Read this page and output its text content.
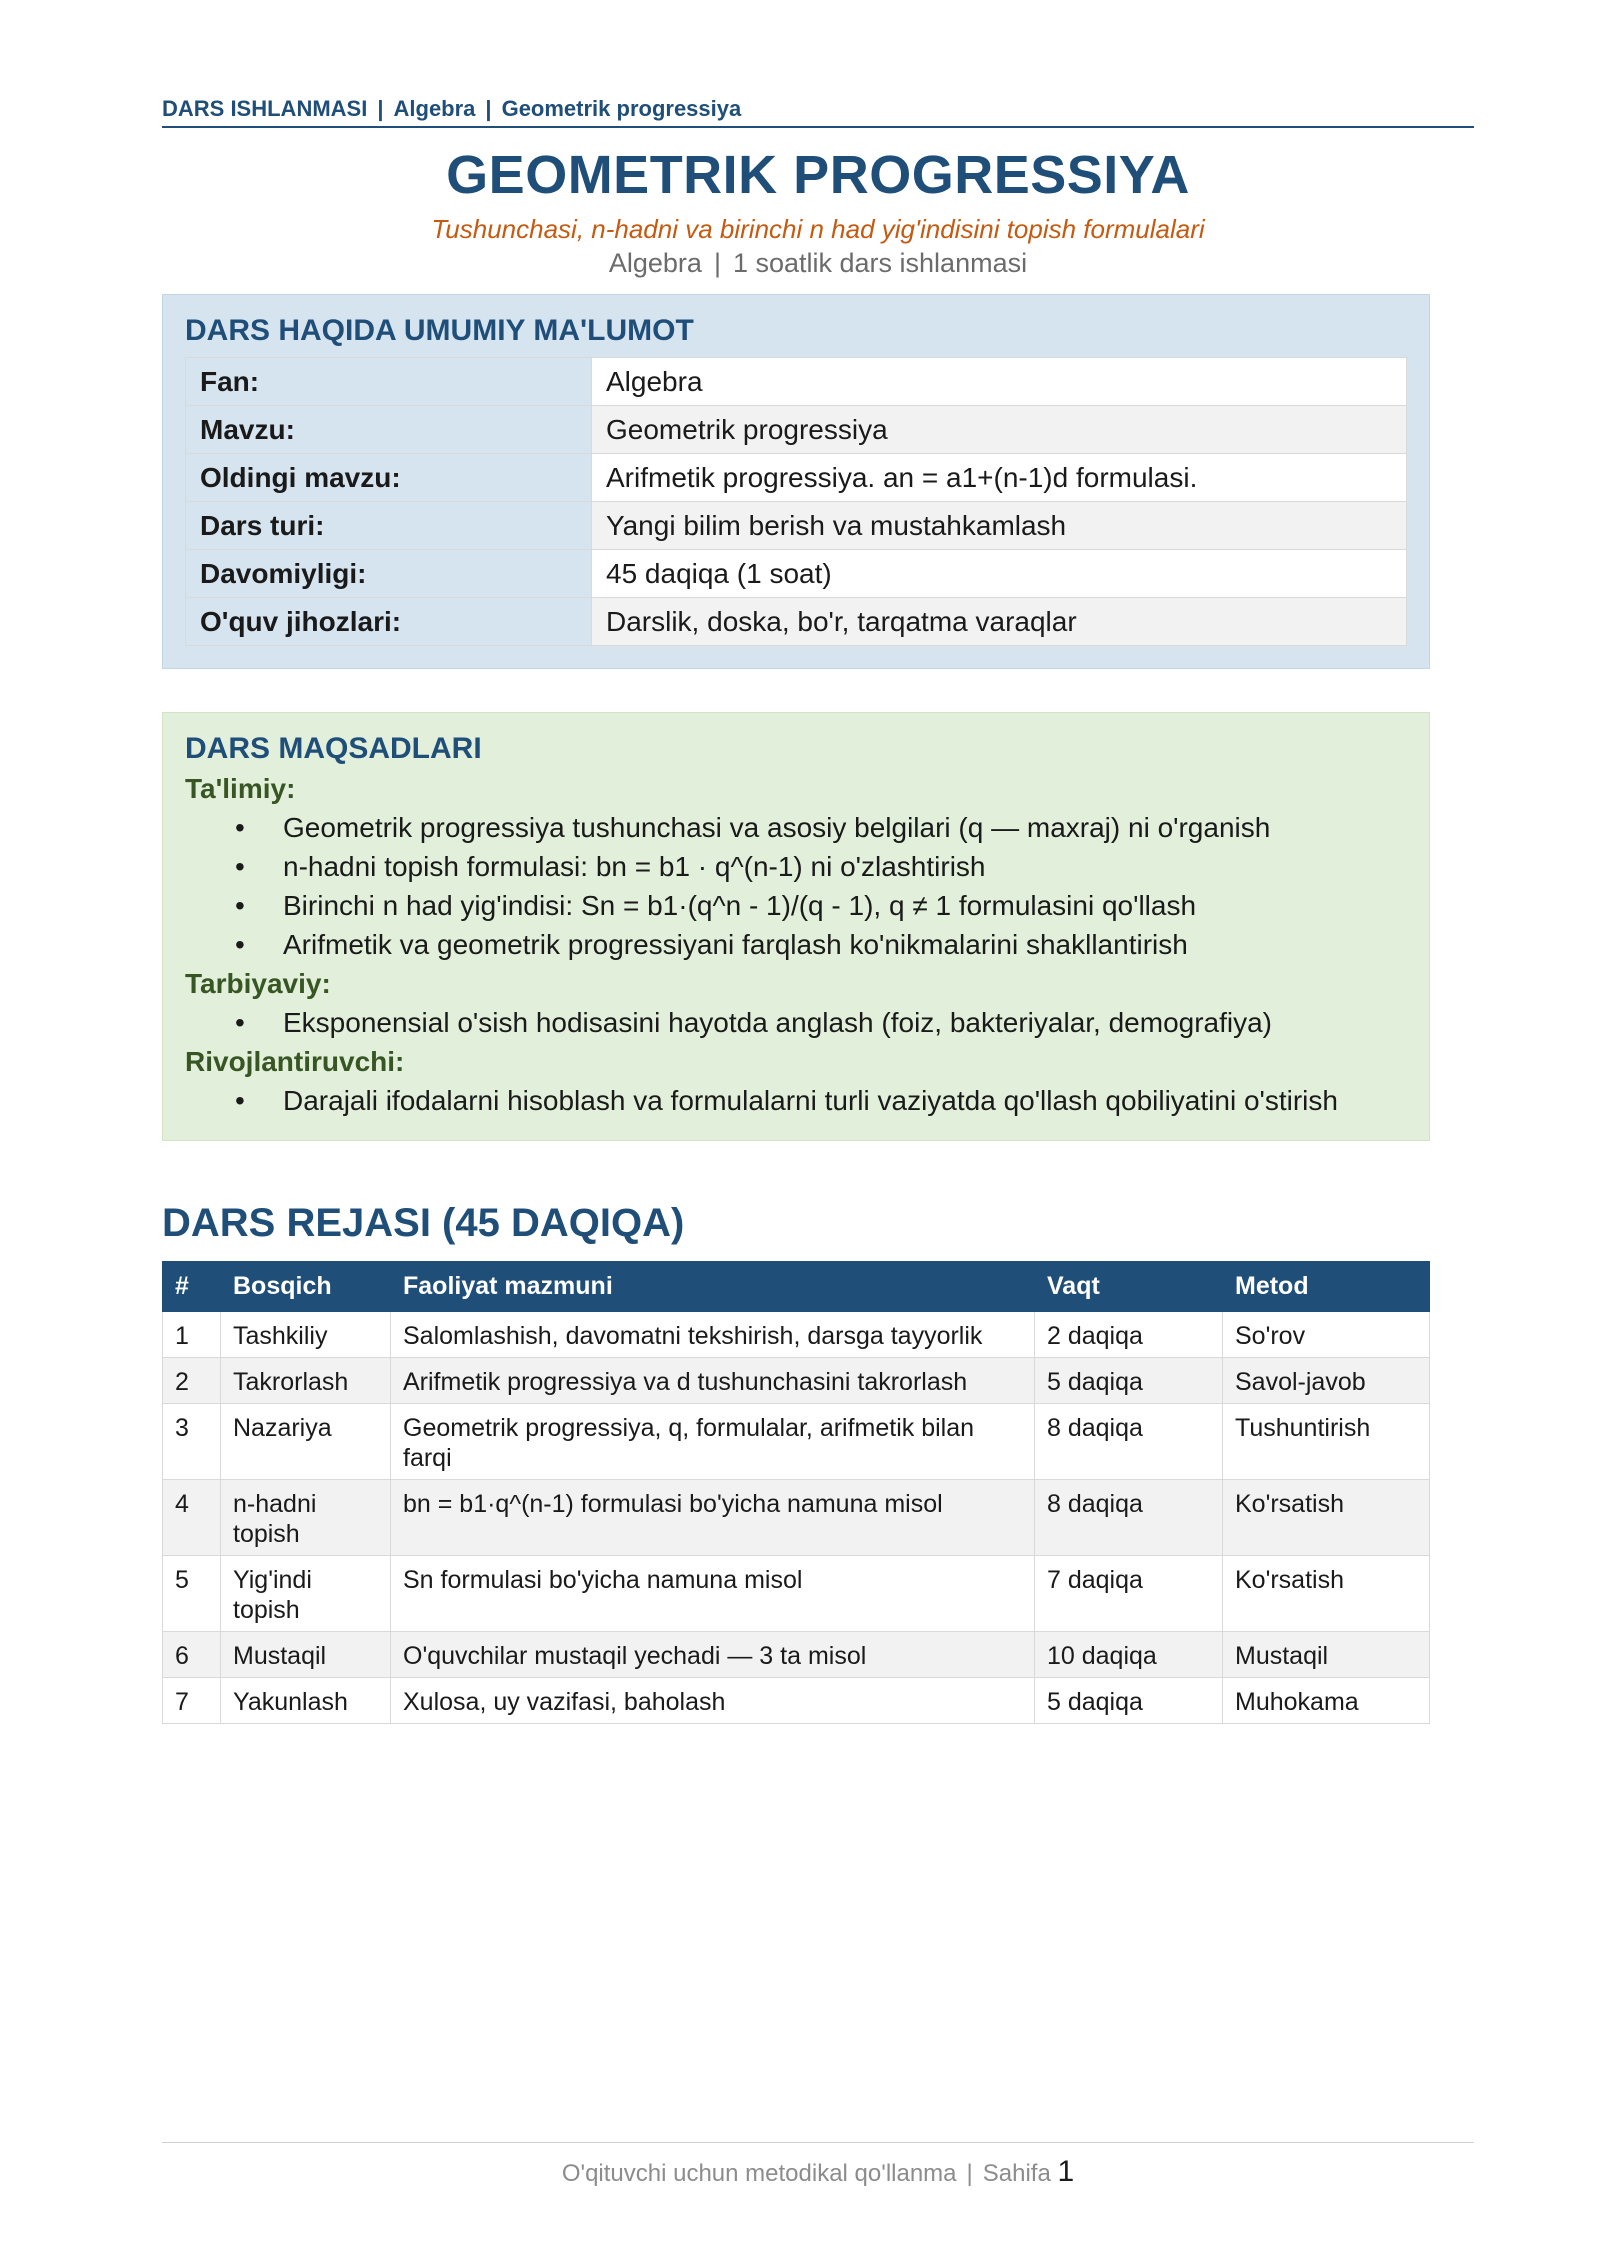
DARS ISHLANMASI | Algebra | Geometrik progressiya
GEOMETRIK PROGRESSIYA
Tushunchasi, n-hadni va birinchi n had yig'indisini topish formulalari
Algebra | 1 soatlik dars ishlanmasi
DARS HAQIDA UMUMIY MA'LUMOT
Fan:	Algebra
Mavzu:	Geometrik progressiya
Oldingi mavzu:	Arifmetik progressiya. an = a1+(n-1)d formulasi.
Dars turi:	Yangi bilim berish va mustahkamlash
Davomiyligi:	45 daqiqa (1 soat)
O'quv jihozlari:	Darslik, doska, bo'r, tarqatma varaqlar
DARS MAQSADLARI
Ta'limiy:
• Geometrik progressiya tushunchasi va asosiy belgilari (q — maxraj) ni o'rganish
• n-hadni topish formulasi: bn = b1 · q^(n-1) ni o'zlashtirish
• Birinchi n had yig'indisi: Sn = b1·(q^n - 1)/(q - 1), q ≠ 1 formulasini qo'llash
• Arifmetik va geometrik progressiyani farqlash ko'nikmalarini shakllantirish
Tarbiyaviy:
• Eksponensial o'sish hodisasini hayotda anglash (foiz, bakteriyalar, demografiya)
Rivojlantiruvchi:
• Darajali ifodalarni hisoblash va formulalarni turli vaziyatda qo'llash qobiliyatini o'stirish
DARS REJASI (45 DAQIQA)
#	Bosqich	Faoliyat mazmuni	Vaqt	Metod
1	Tashkiliy	Salomlashish, davomatni tekshirish, darsga tayyorlik	2 daqiqa	So'rov
2	Takrorlash	Arifmetik progressiya va d tushunchasini takrorlash	5 daqiqa	Savol-javob
3	Nazariya	Geometrik progressiya, q, formulalar, arifmetik bilan farqi	8 daqiqa	Tushuntirish
4	n-hadni topish	bn = b1·q^(n-1) formulasi bo'yicha namuna misol	8 daqiqa	Ko'rsatish
5	Yig'indi topish	Sn formulasi bo'yicha namuna misol	7 daqiqa	Ko'rsatish
6	Mustaqil	O'quvchilar mustaqil yechadi — 3 ta misol	10 daqiqa	Mustaqil
7	Yakunlash	Xulosa, uy vazifasi, baholash	5 daqiqa	Muhokama
O'qituvchi uchun metodikal qo'llanma | Sahifa 1
